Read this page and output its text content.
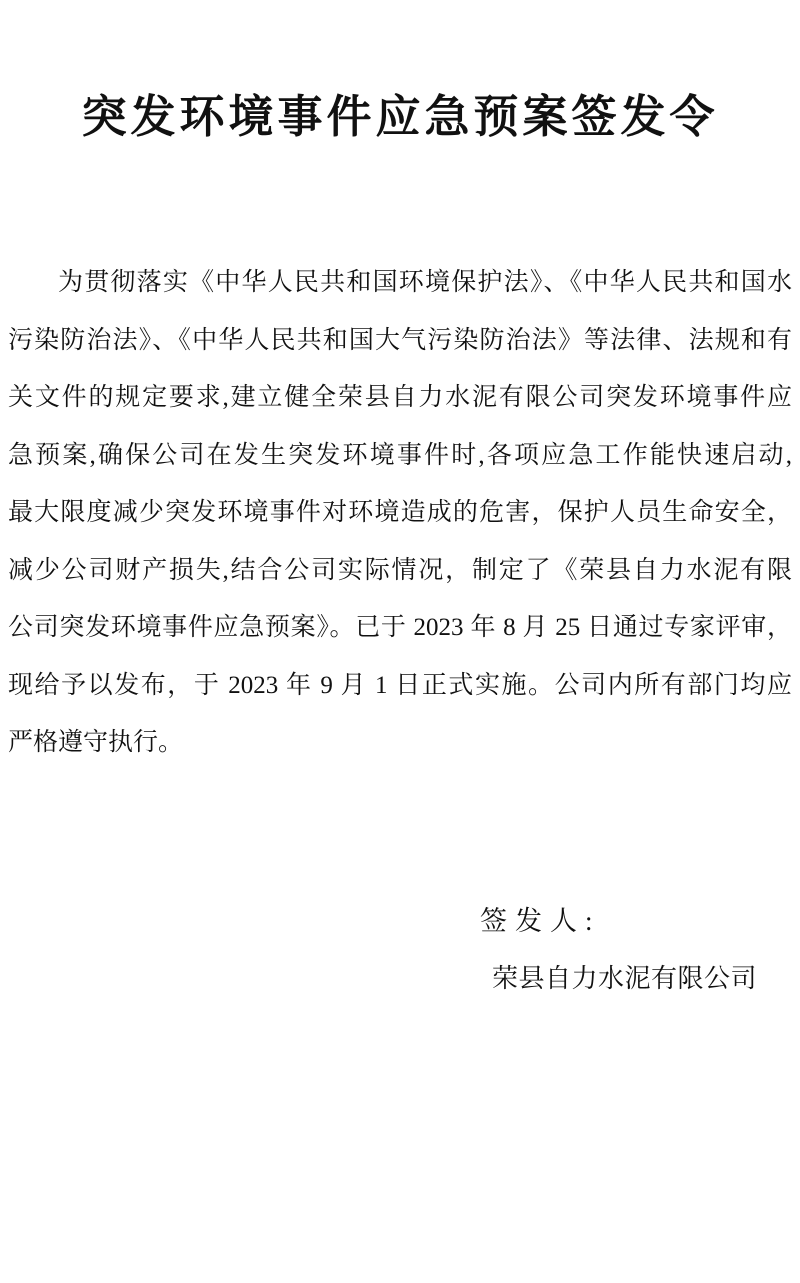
突发环境事件应急预案签发令
为贯彻落实《中华人民共和国环境保护法》、《中华人民共和国水
污染防治法》、《中华人民共和国大气污染防治法》等法律、法规和有
关文件的规定要求,建立健全荣县自力水泥有限公司突发环境事件应
急预案,确保公司在发生突发环境事件时,各项应急工作能快速启动,
最大限度减少突发环境事件对环境造成的危害，保护人员生命安全，
减少公司财产损失,结合公司实际情况，制定了《荣县自力水泥有限
公司突发环境事件应急预案》。已于 2023 年 8 月 25 日通过专家评审，
现给予以发布，于 2023 年 9 月 1 日正式实施。公司内所有部门均应
严格遵守执行。
签发人:
荣县自力水泥有限公司
